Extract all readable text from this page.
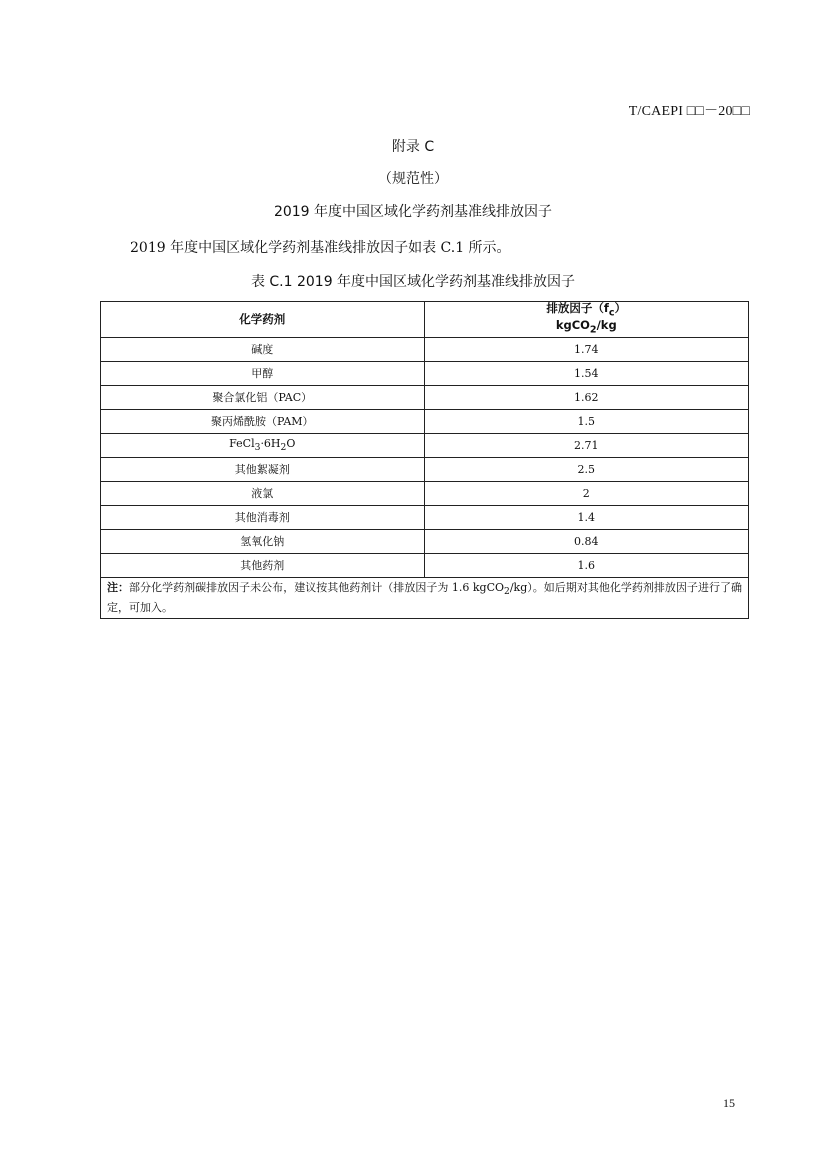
T/CAEPI □□－20□□
附录 C
（规范性）
2019 年度中国区域化学药剂基准线排放因子
2019 年度中国区域化学药剂基准线排放因子如表 C.1 所示。
表 C.1 2019 年度中国区域化学药剂基准线排放因子
化学药剂	排放因子$(f_c)$
kgCO$_2$/kg
碱度	1.74
甲醇	1.54
聚合氯化铝（PAC）	1.62
聚丙烯酰胺（PAM）	1.5
$FeCl_3\cdot 6H_2O$	2.71
其他絮凝剂	2.5
液氯	2
其他消毒剂	1.4
氢氧化钠	0.84
其他药剂	1.6
注：部分化学药剂碳排放因子未公布，建议按其他药剂计（排放因子为 1.6 kgCO$_2$/kg）。如后期对其他化学药剂排放因子进行了确定，可加入。	
15
